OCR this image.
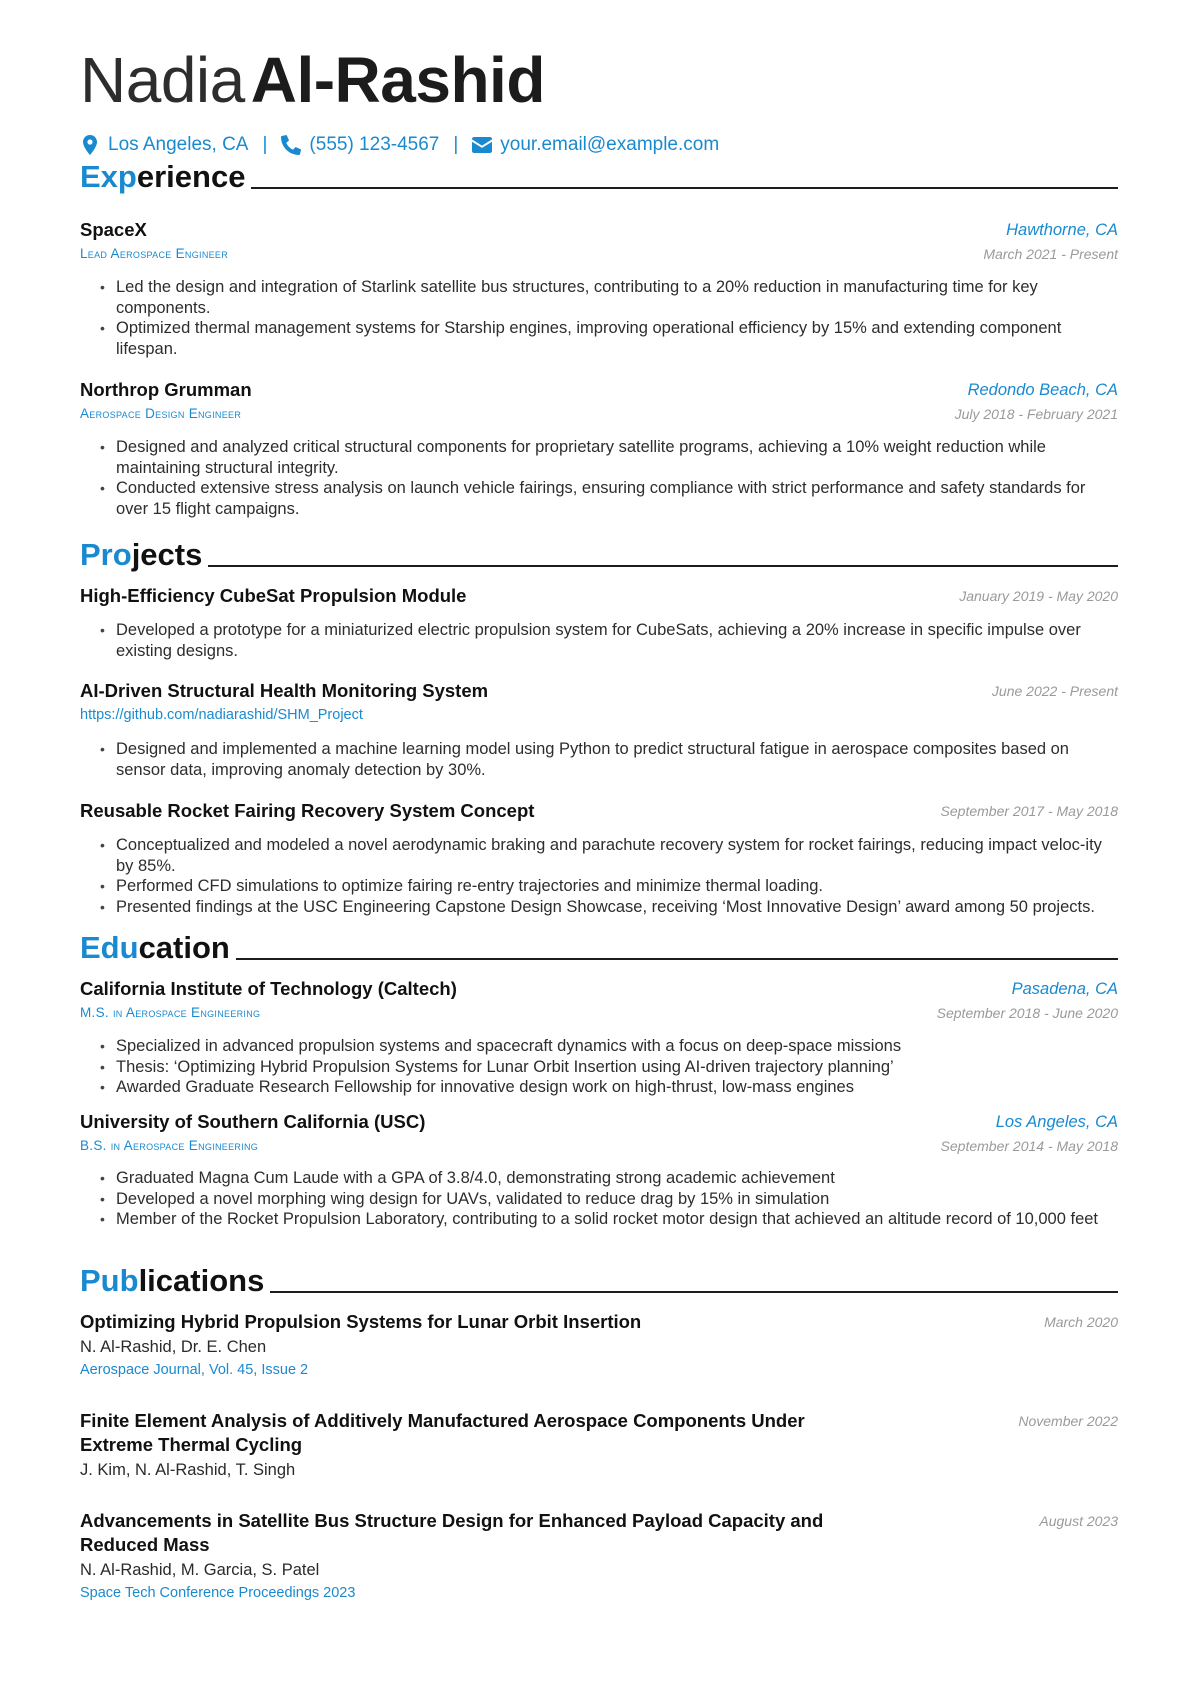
NadiaAl-Rashid
Los Angeles, CA | (555) 123-4567 | your.email@example.com
Experience
SpaceX	Hawthorne, CA
Lead Aerospace Engineer	March 2021 - Present
• Led the design and integration of Starlink satellite bus structures, contributing to a 20% reduction in manufacturing time for key components.
• Optimized thermal management systems for Starship engines, improving operational efficiency by 15% and extending component lifespan.
Northrop Grumman	Redondo Beach, CA
Aerospace Design Engineer	July 2018 - February 2021
• Designed and analyzed critical structural components for proprietary satellite programs, achieving a 10% weight reduction while maintaining structural integrity.
• Conducted extensive stress analysis on launch vehicle fairings, ensuring compliance with strict performance and safety standards for over 15 flight campaigns.
Projects
High-Efficiency CubeSat Propulsion Module	January 2019 - May 2020
• Developed a prototype for a miniaturized electric propulsion system for CubeSats, achieving a 20% increase in specific impulse over existing designs.
AI-Driven Structural Health Monitoring System	June 2022 - Present
https://github.com/nadiarashid/SHM_Project
• Designed and implemented a machine learning model using Python to predict structural fatigue in aerospace composites based on sensor data, improving anomaly detection by 30%.
Reusable Rocket Fairing Recovery System Concept	September 2017 - May 2018
• Conceptualized and modeled a novel aerodynamic braking and parachute recovery system for rocket fairings, reducing impact veloc-ity by 85%.
• Performed CFD simulations to optimize fairing re-entry trajectories and minimize thermal loading.
• Presented findings at the USC Engineering Capstone Design Showcase, receiving ‘Most Innovative Design’ award among 50 projects.
Education
California Institute of Technology (Caltech)	Pasadena, CA
M.S. in Aerospace Engineering	September 2018 - June 2020
• Specialized in advanced propulsion systems and spacecraft dynamics with a focus on deep-space missions
• Thesis: ‘Optimizing Hybrid Propulsion Systems for Lunar Orbit Insertion using AI-driven trajectory planning’
• Awarded Graduate Research Fellowship for innovative design work on high-thrust, low-mass engines
University of Southern California (USC)	Los Angeles, CA
B.S. in Aerospace Engineering	September 2014 - May 2018
• Graduated Magna Cum Laude with a GPA of 3.8/4.0, demonstrating strong academic achievement
• Developed a novel morphing wing design for UAVs, validated to reduce drag by 15% in simulation
• Member of the Rocket Propulsion Laboratory, contributing to a solid rocket motor design that achieved an altitude record of 10,000 feet
Publications
Optimizing Hybrid Propulsion Systems for Lunar Orbit Insertion	March 2020
N. Al-Rashid, Dr. E. Chen
Aerospace Journal, Vol. 45, Issue 2
Finite Element Analysis of Additively Manufactured Aerospace Components Under Extreme Thermal Cycling
November 2022
J. Kim, N. Al-Rashid, T. Singh
Advancements in Satellite Bus Structure Design for Enhanced Payload Capacity and Reduced Mass
August 2023
N. Al-Rashid, M. Garcia, S. Patel
Space Tech Conference Proceedings 2023
